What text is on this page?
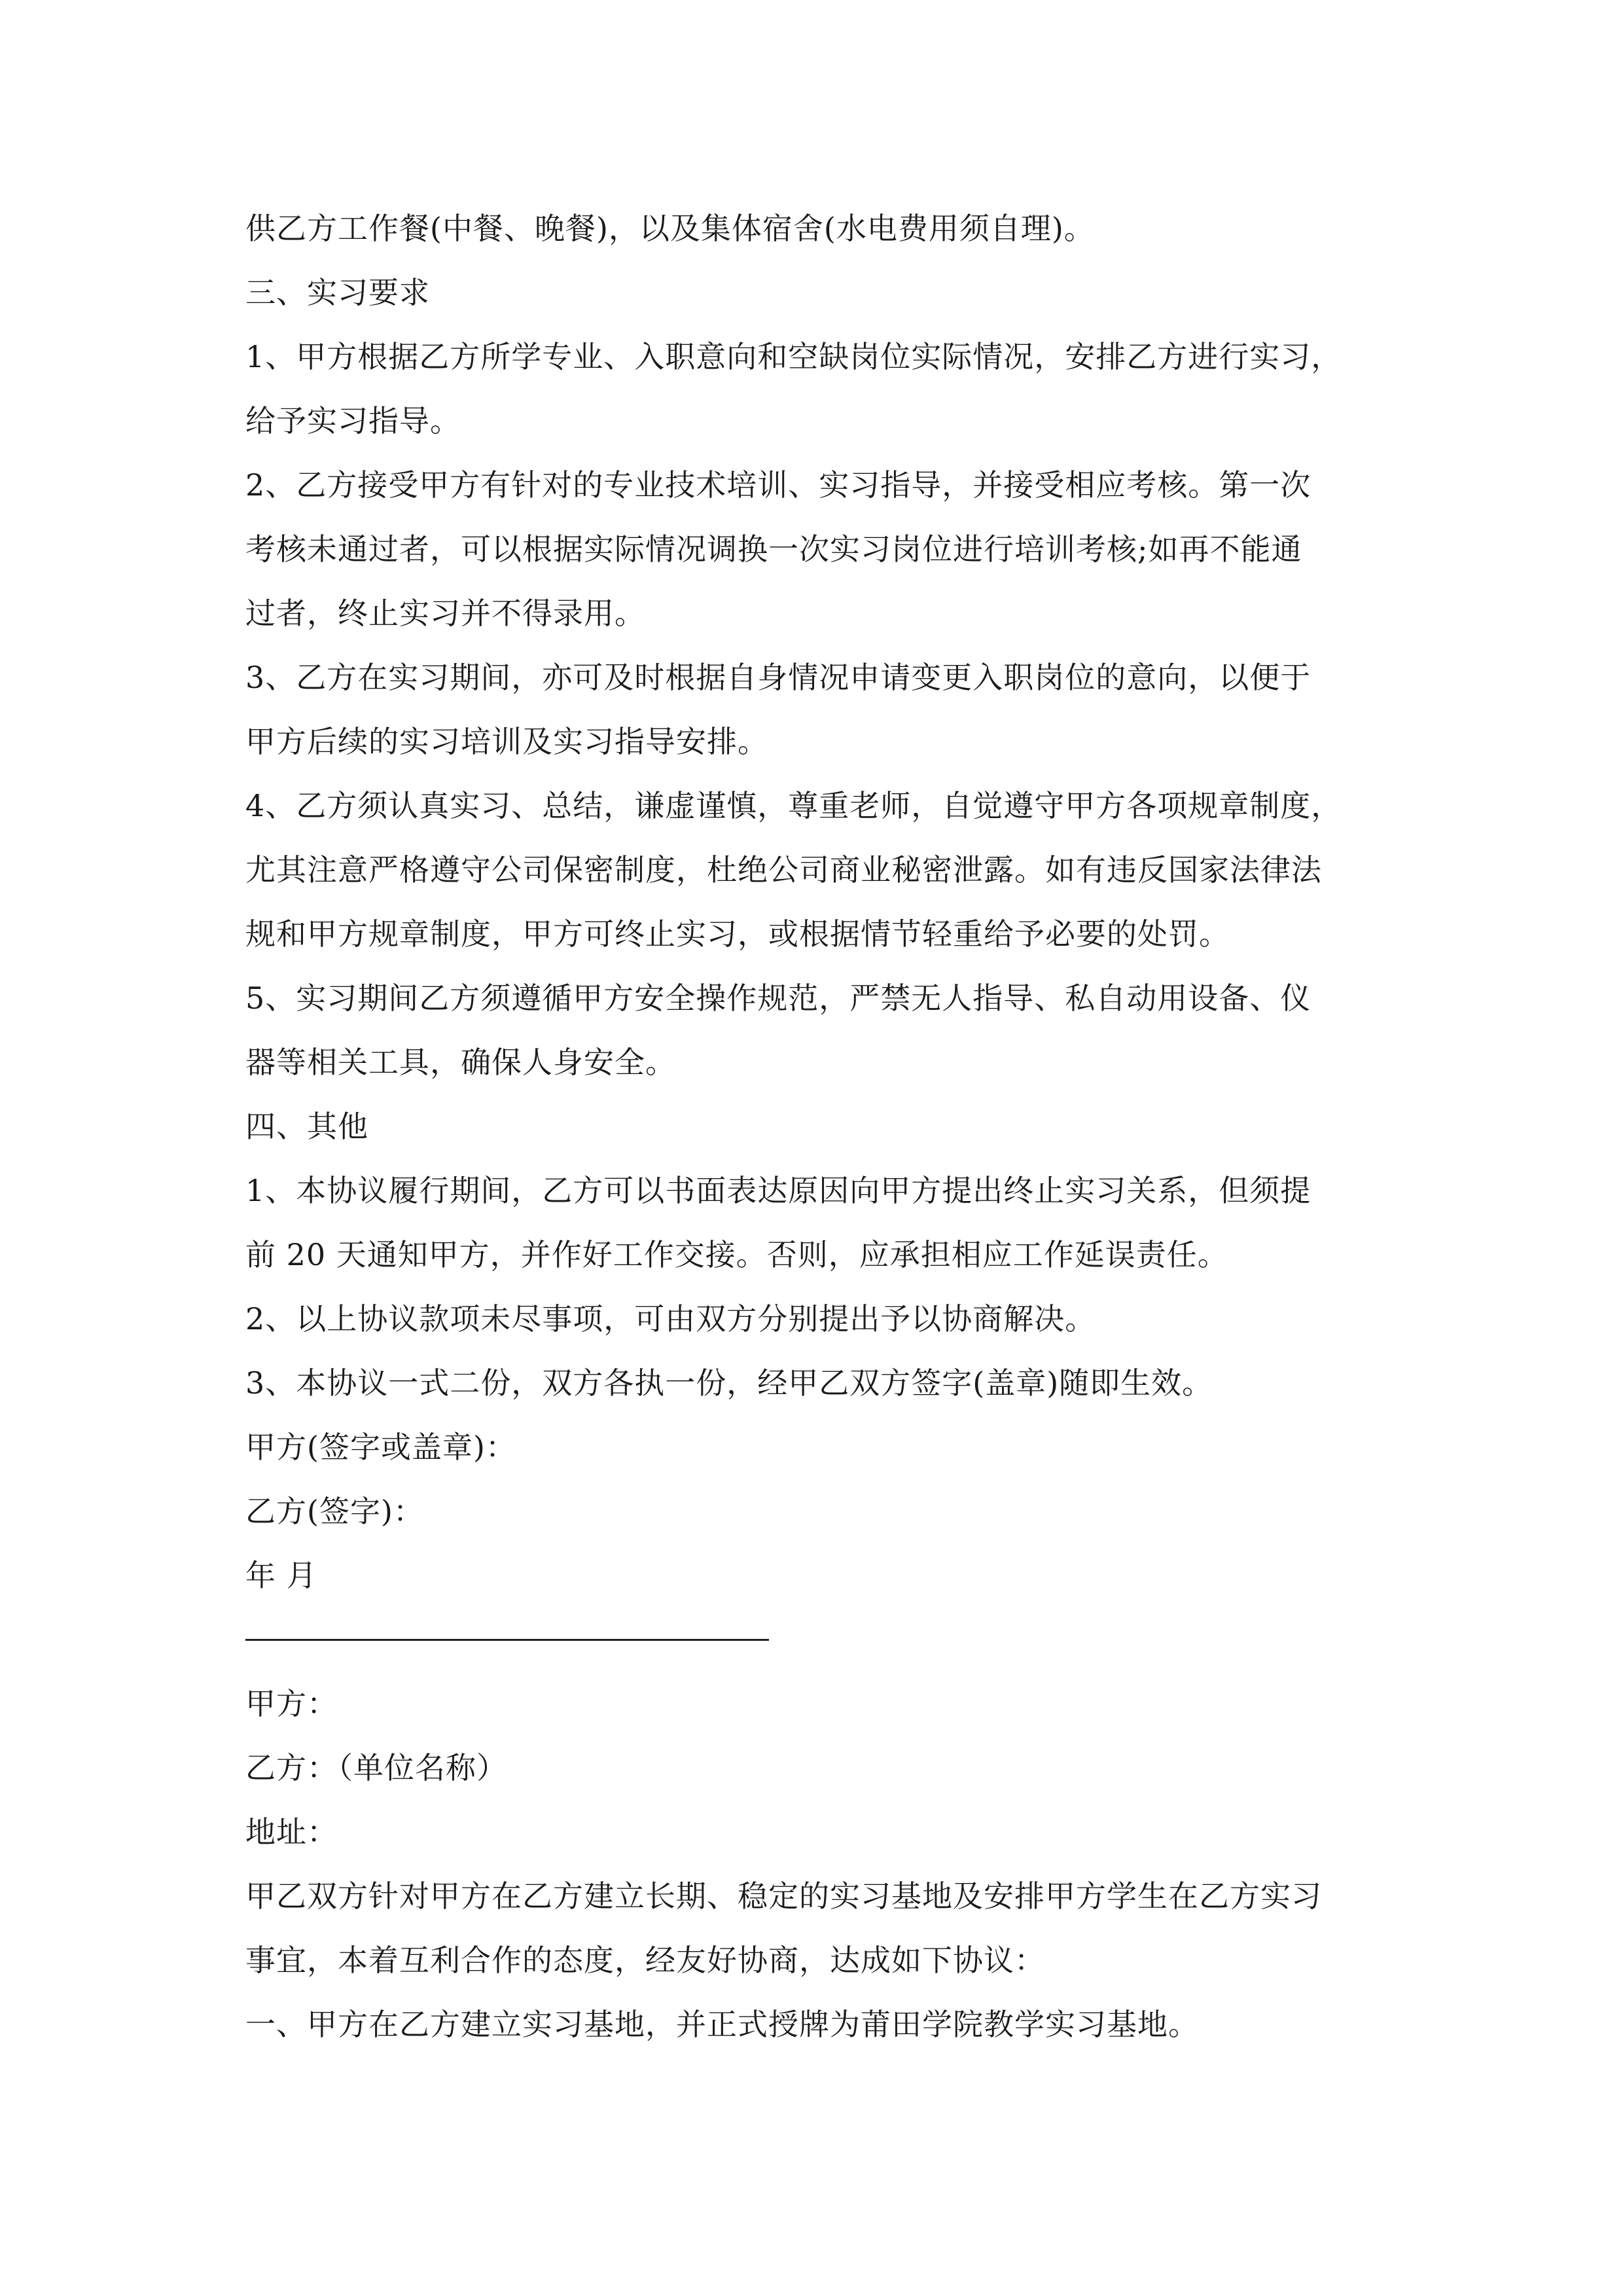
供乙方工作餐(中餐、晚餐)，以及集体宿舍(水电费用须自理)。
三、实习要求
1、甲方根据乙方所学专业、入职意向和空缺岗位实际情况，安排乙方进行实习，
给予实习指导。
2、乙方接受甲方有针对的专业技术培训、实习指导，并接受相应考核。第一次
考核未通过者，可以根据实际情况调换一次实习岗位进行培训考核;如再不能通
过者，终止实习并不得录用。
3、乙方在实习期间，亦可及时根据自身情况申请变更入职岗位的意向，以便于
甲方后续的实习培训及实习指导安排。
4、乙方须认真实习、总结，谦虚谨慎，尊重老师，自觉遵守甲方各项规章制度，
尤其注意严格遵守公司保密制度，杜绝公司商业秘密泄露。如有违反国家法律法
规和甲方规章制度，甲方可终止实习，或根据情节轻重给予必要的处罚。
5、实习期间乙方须遵循甲方安全操作规范，严禁无人指导、私自动用设备、仪
器等相关工具，确保人身安全。
四、其他
1、本协议履行期间，乙方可以书面表达原因向甲方提出终止实习关系，但须提
前 20 天通知甲方，并作好工作交接。否则，应承担相应工作延误责任。
2、以上协议款项未尽事项，可由双方分别提出予以协商解决。
3、本协议一式二份，双方各执一份，经甲乙双方签字(盖章)随即生效。
甲方(签字或盖章)：
乙方(签字)：
年 月
甲方：
乙方：（单位名称）
地址：
甲乙双方针对甲方在乙方建立长期、稳定的实习基地及安排甲方学生在乙方实习
事宜，本着互利合作的态度，经友好协商，达成如下协议：
一、甲方在乙方建立实习基地，并正式授牌为莆田学院教学实习基地。
